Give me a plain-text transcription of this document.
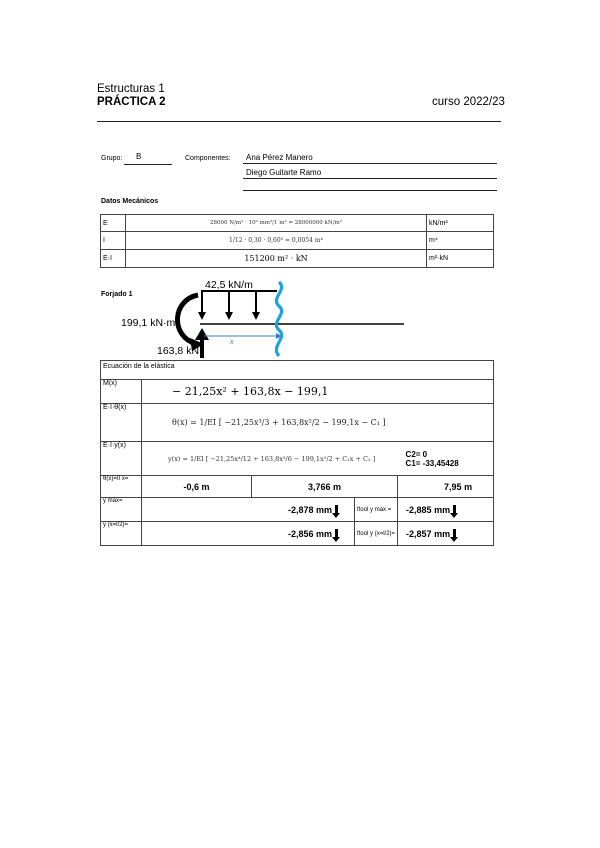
Estructuras 1
PRÁCTICA 2	curso 2022/23
Grupo: B	Componentes: Ana Pérez Manero
Diego Guitarte Ramo
Datos Mecánicos
E	28000 N/m² · 10⁶ mm²/1 m² = 28000000 kN/m²	kN/m²
I	1/12 · 0,30 · 0,60³ = 0,0054 m⁴	m⁴
E·I	151200 m² · kN	m²·kN
Forjado 1
42,5 kN/m
199,1 kN·m
163,8 kN
x
Ecuación de la elástica				
M(x)	− 21,25x² + 163,8x − 199,1			
E·I·θ(x)	θ(x) = 1/EI [ −21,25x³/3 + 163,8x²/2 − 199,1x − C₁ ]			
E·I·y(x)	y(x) = 1/EI [ −21,25x⁴/12 + 163,8x³/6 − 199,1x²/2 + C₁x + C₂ ]			C2= 0
C1= -33,45428

θ(x)=0 x=	-0,6 m	3,766 m		7,95 m
y máx=	-2,878 mm		ftool y máx =	-2,885 mm
y (x=l/2)=	-2,856 mm		ftool y (x=l/2)=	-2,857 mm
